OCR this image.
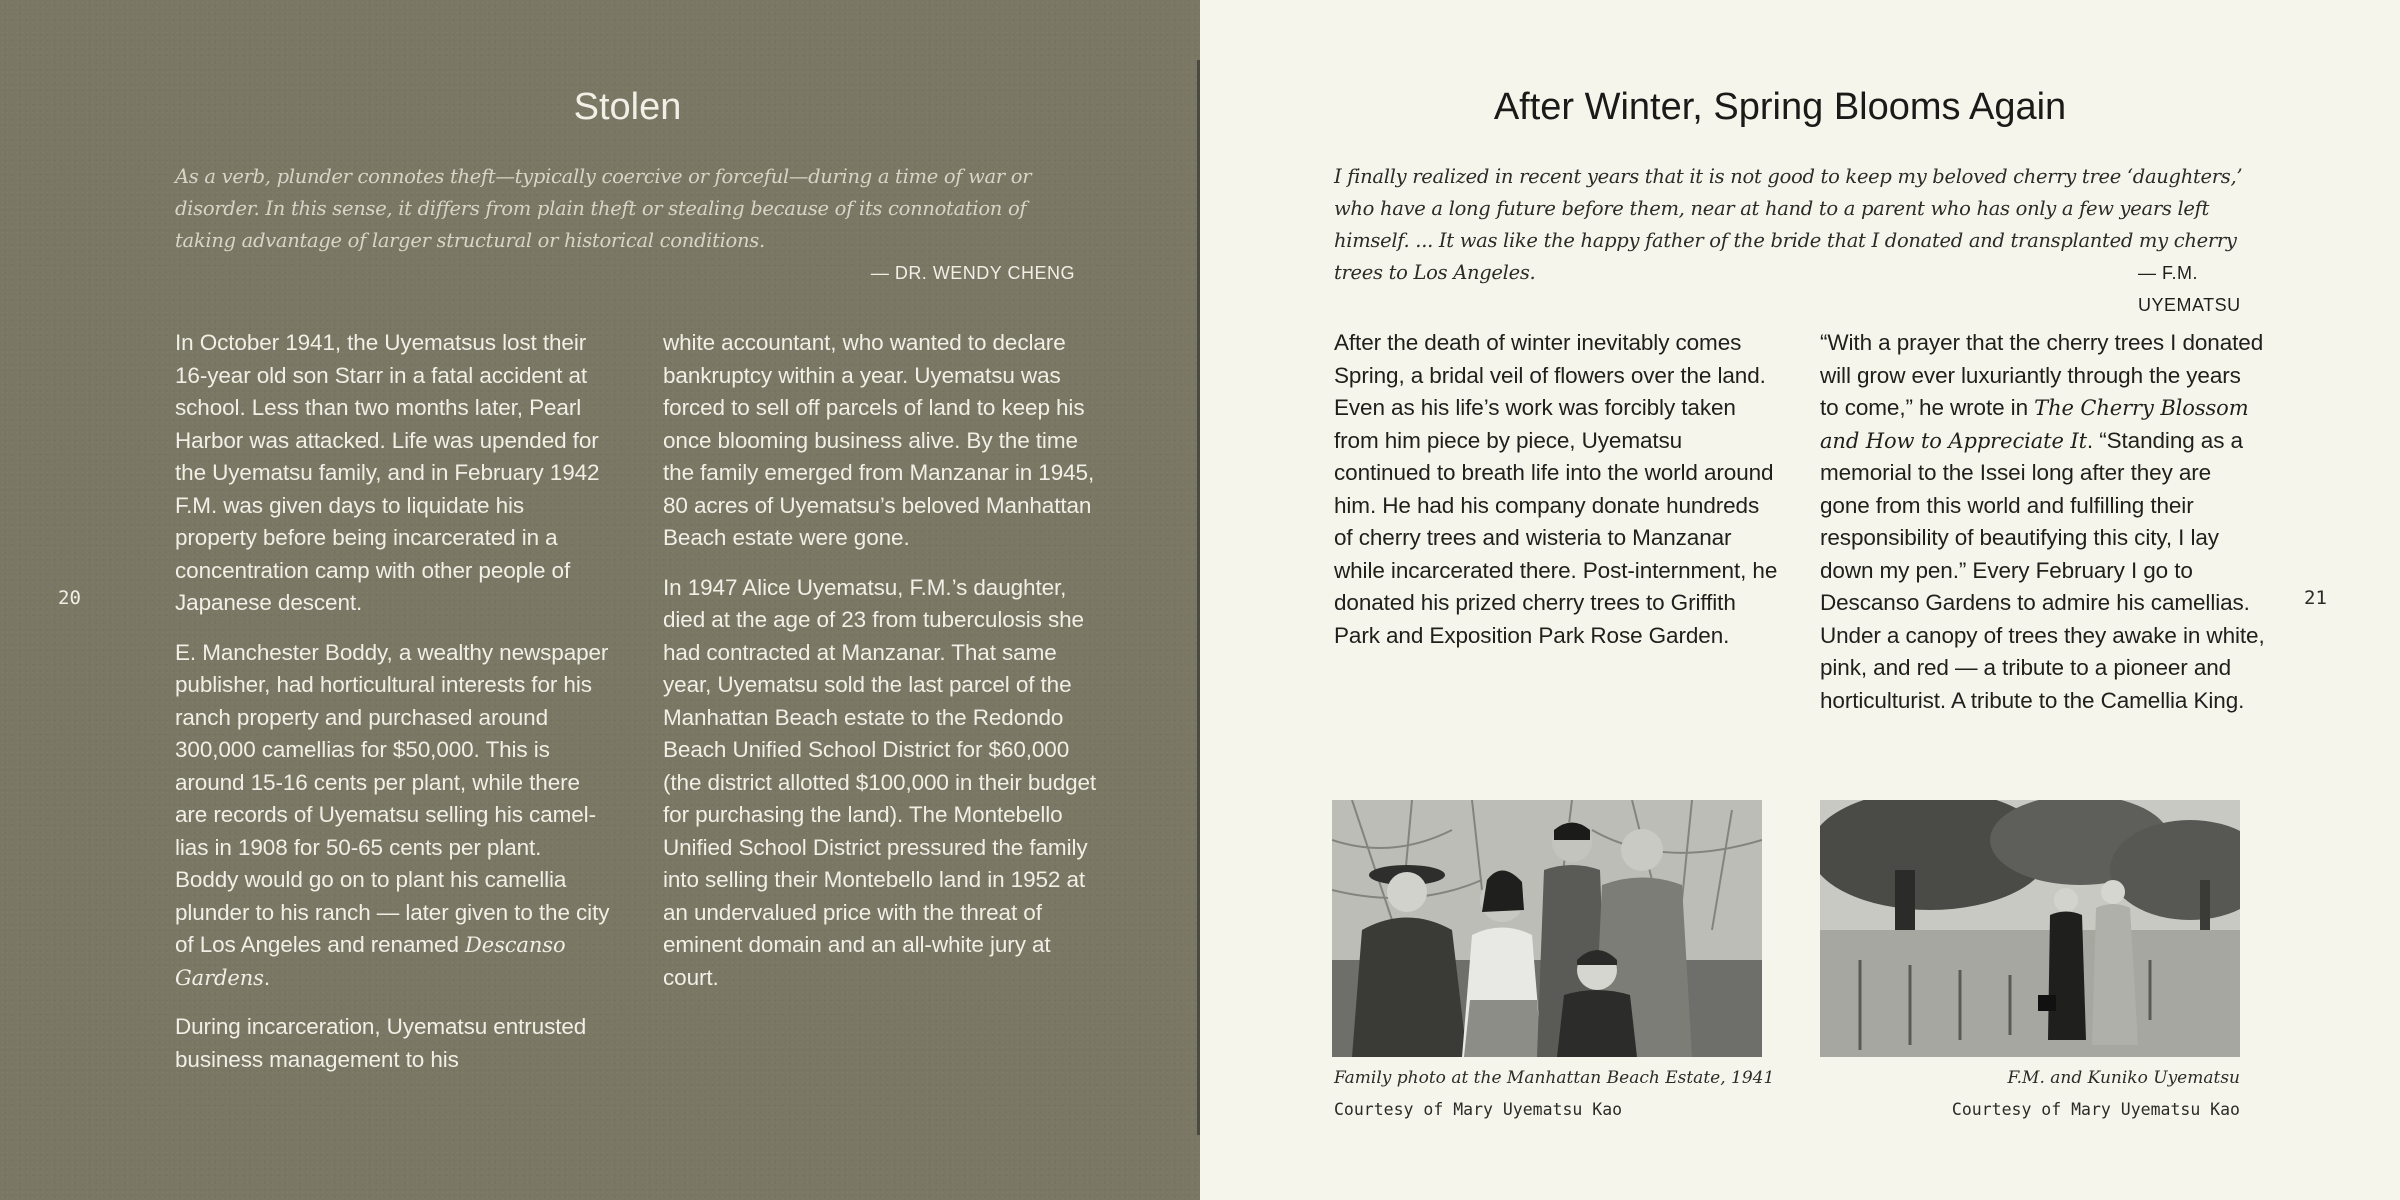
Stolen
As a verb, plunder connotes theft—typically coercive or forceful—during a time of war or disorder. In this sense, it differs from plain theft or stealing because of its connotation of taking advantage of larger structural or historical conditions.
— DR. WENDY CHENG

In October 1941, the Uyematsus lost their 16-year old son Starr in a fatal accident at school. Less than two months later, Pearl Harbor was attacked. Life was upended for the Uyematsu family, and in February 1942 F.M. was given days to liquidate his property before being incarcerated in a concentration camp with other people of Japanese descent.

E. Manchester Boddy, a wealthy newspaper publisher, had horticultural interests for his ranch property and purchased around 300,000 camellias for $50,000. This is around 15-16 cents per plant, while there are records of Uyematsu selling his camellias in 1908 for 50-65 cents per plant. Boddy would go on to plant his camellia plunder to his ranch — later given to the city of Los Angeles and renamed Descanso Gardens.

During incarceration, Uyematsu entrusted business management to his

white accountant, who wanted to declare bankruptcy within a year. Uyematsu was forced to sell off parcels of land to keep his once blooming business alive. By the time the family emerged from Manzanar in 1945, 80 acres of Uyematsu’s beloved Manhattan Beach estate were gone.

In 1947 Alice Uyematsu, F.M.’s daughter, died at the age of 23 from tuberculosis she had contracted at Manzanar. That same year, Uyematsu sold the last parcel of the Manhattan Beach estate to the Redondo Beach Unified School District for $60,000 (the district allotted $100,000 in their budget for purchasing the land). The Montebello Unified School District pressured the family into selling their Montebello land in 1952 at an undervalued price with the threat of eminent domain and an all-white jury at court.

20
After Winter, Spring Blooms Again
I finally realized in recent years that it is not good to keep my beloved cherry tree ‘daughters,’ who have a long future before them, near at hand to a parent who has only a few years left himself. ... It was like the happy father of the bride that I donated and transplanted my cherry trees to Los Angeles.	— F.M. UYEMATSU

After the death of winter inevitably comes Spring, a bridal veil of flowers over the land. Even as his life’s work was forcibly taken from him piece by piece, Uyematsu continued to breath life into the world around him. He had his company donate hundreds of cherry trees and wisteria to Manzanar while incarcerated there. Post-internment, he donated his prized cherry trees to Griffith Park and Exposition Park Rose Garden.

“With a prayer that the cherry trees I donated will grow ever luxuriantly through the years to come,” he wrote in The Cherry Blossom and How to Appreciate It. “Standing as a memorial to the Issei long after they are gone from this world and fulfilling their responsibility of beautifying this city, I lay down my pen.” Every February I go to Descanso Gardens to admire his camellias. Under a canopy of trees they awake in white, pink, and red — a tribute to a pioneer and horticulturist. A tribute to the Camellia King.

21
Family photo at the Manhattan Beach Estate, 1941
Courtesy of Mary Uyematsu Kao
F.M. and Kuniko Uyematsu
Courtesy of Mary Uyematsu Kao
